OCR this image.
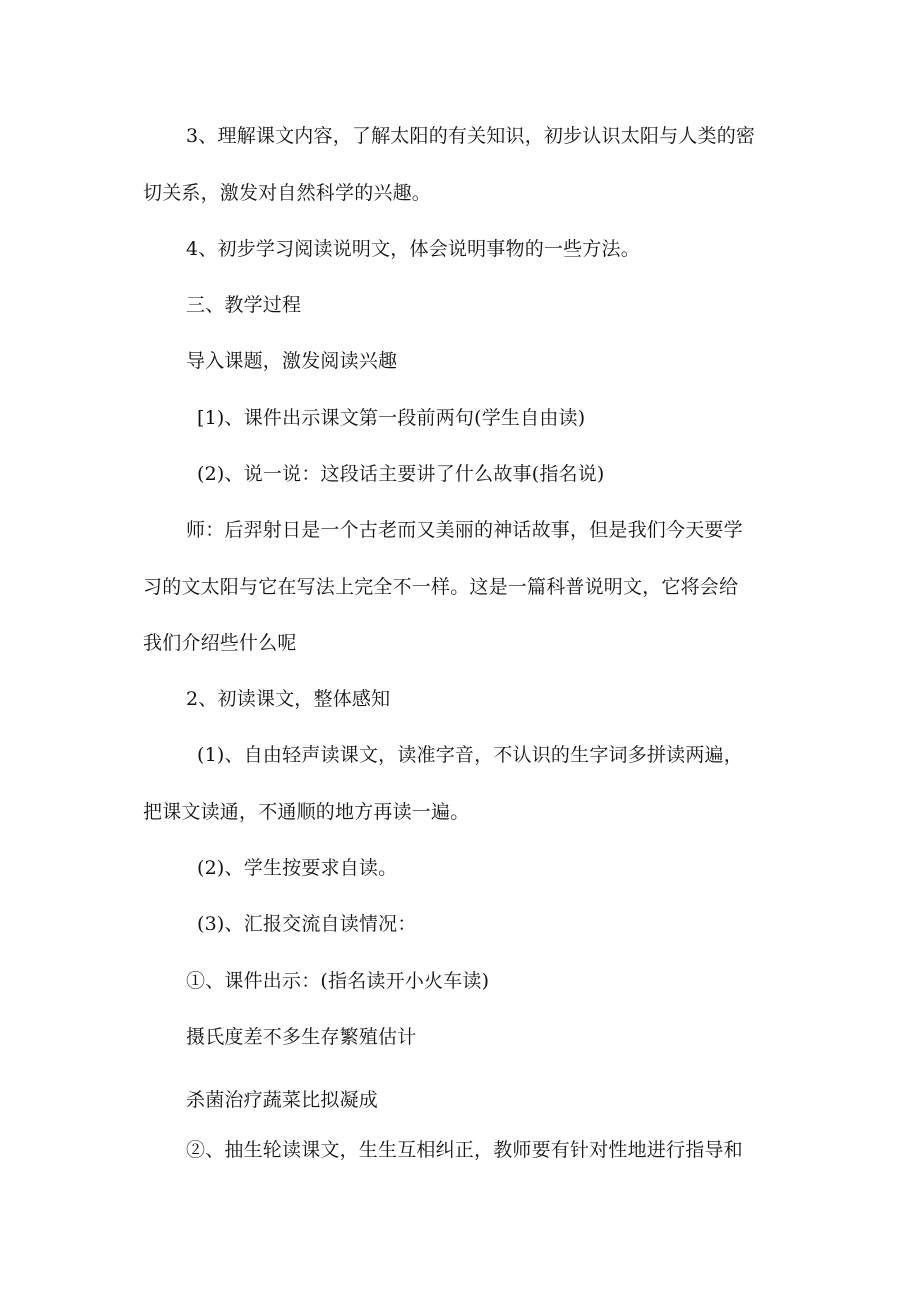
3、理解课文内容，了解太阳的有关知识，初步认识太阳与人类的密
切关系，激发对自然科学的兴趣。
4、初步学习阅读说明文，体会说明事物的一些方法。
三、教学过程
导入课题，激发阅读兴趣
[1)、课件出示课文第一段前两句(学生自由读)
(2)、说一说：这段话主要讲了什么故事(指名说)
师：后羿射日是一个古老而又美丽的神话故事，但是我们今天要学
习的文太阳与它在写法上完全不一样。这是一篇科普说明文，它将会给
我们介绍些什么呢
2、初读课文，整体感知
(1)、自由轻声读课文，读准字音，不认识的生字词多拼读两遍，
把课文读通，不通顺的地方再读一遍。
(2)、学生按要求自读。
(3)、汇报交流自读情况：
①、课件出示：(指名读开小火车读)
摄氏度差不多生存繁殖估计
杀菌治疗蔬菜比拟凝成
②、抽生轮读课文，生生互相纠正，教师要有针对性地进行指导和
